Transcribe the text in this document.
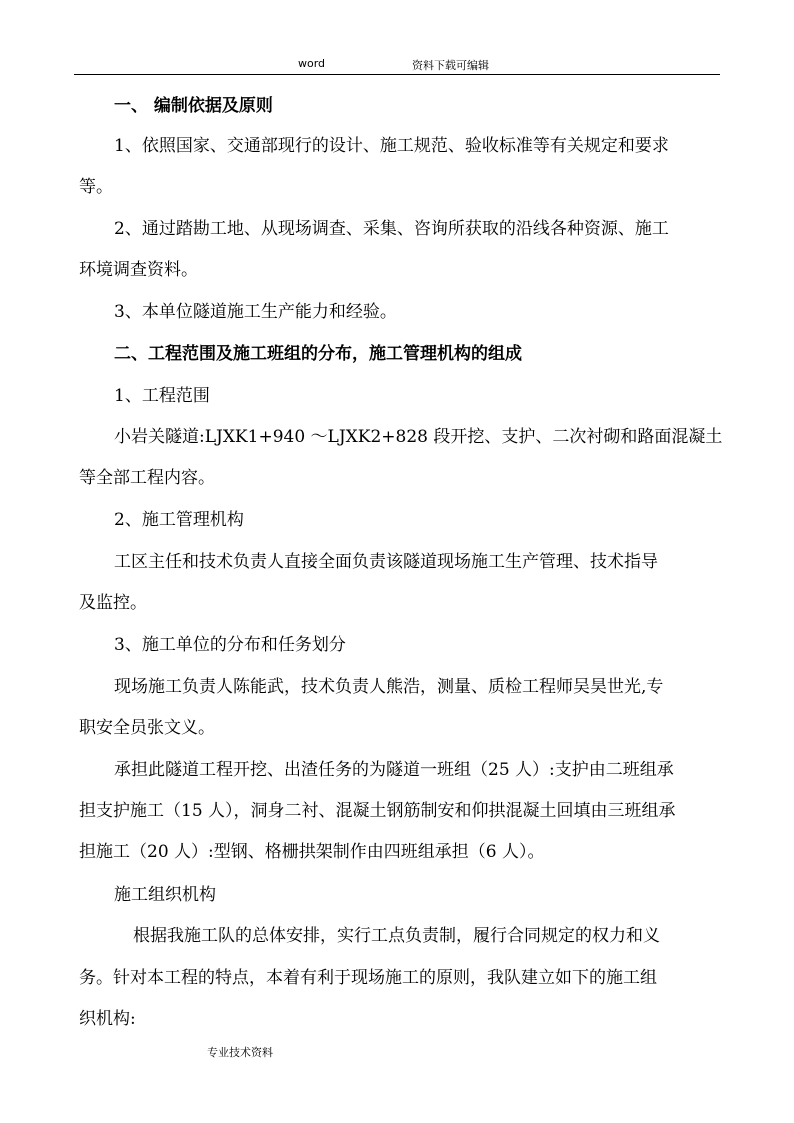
word	资料下载可编辑
一、 编制依据及原则
1、依照国家、交通部现行的设计、施工规范、验收标准等有关规定和要求
等。
2、通过踏勘工地、从现场调查、采集、咨询所获取的沿线各种资源、施工
环境调查资料。
3、本单位隧道施工生产能力和经验。
二、工程范围及施工班组的分布，施工管理机构的组成
1、工程范围
小岩关隧道:LJXK1+940 ～LJXK2+828 段开挖、支护、二次衬砌和路面混凝土
等全部工程内容。
2、施工管理机构
工区主任和技术负责人直接全面负责该隧道现场施工生产管理、技术指导
及监控。
3、施工单位的分布和任务划分
现场施工负责人陈能武，技术负责人熊浩，测量、质检工程师吴昊世光,专
职安全员张文义。
承担此隧道工程开挖、出渣任务的为隧道一班组（25 人）:支护由二班组承
担支护施工（15 人），洞身二衬、混凝土钢筋制安和仰拱混凝土回填由三班组承
担施工（20 人）:型钢、格栅拱架制作由四班组承担（6 人）。
施工组织机构
根据我施工队的总体安排，实行工点负责制，履行合同规定的权力和义
务。针对本工程的特点，本着有利于现场施工的原则，我队建立如下的施工组
织机构:
专业技术资料
